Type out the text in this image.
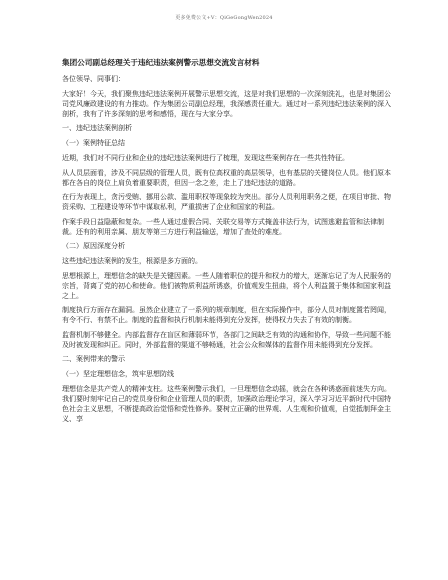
更多免费公文+V：QiGeGongWen2024

集团公司副总经理关于违纪违法案例警示思想交流发言材料

各位领导、同事们：

大家好！今天，我们聚焦违纪违法案例开展警示思想交流，这是对我们思想的一次深刻洗礼，也是对集团公司党风廉政建设的有力推动。作为集团公司副总经理，我深感责任重大。通过对一系列违纪违法案例的深入剖析，我有了许多深刻的思考和感悟，现在与大家分享。

一、违纪违法案例剖析

（一）案例特征总结

近期，我们对不同行业和企业的违纪违法案例进行了梳理，发现这些案例存在一些共性特征。

从人员层面看，涉及不同层级的管理人员，既有位高权重的高层领导，也有基层的关键岗位人员。他们原本都在各自的岗位上肩负着重要职责，但因一念之差，走上了违纪违法的道路。

在行为表现上，贪污受贿、挪用公款、滥用职权等现象较为突出。部分人员利用职务之便，在项目审批、物资采购、工程建设等环节中谋取私利，严重损害了企业和国家的利益。

作案手段日益隐蔽和复杂。一些人通过虚假合同、关联交易等方式掩盖非法行为，试图逃避监管和法律制裁。还有的利用亲属、朋友等第三方进行利益输送，增加了查处的难度。

（二）原因深度分析

这些违纪违法案例的发生，根源是多方面的。

思想根源上，理想信念的缺失是关键因素。一些人随着职位的提升和权力的增大，逐渐忘记了为人民服务的宗旨，背离了党的初心和使命。他们被物质利益所诱惑，价值观发生扭曲，将个人利益置于集体和国家利益之上。

制度执行方面存在漏洞。虽然企业建立了一系列的规章制度，但在实际操作中，部分人员对制度置若罔闻，有令不行、有禁不止。制度的监督和执行机制未能得到充分发挥，使得权力失去了有效的制衡。

监督机制不够健全。内部监督存在盲区和薄弱环节，各部门之间缺乏有效的沟通和协作，导致一些问题不能及时被发现和纠正。同时，外部监督的渠道不够畅通，社会公众和媒体的监督作用未能得到充分发挥。

二、案例带来的警示

（一）坚定理想信念，筑牢思想防线

理想信念是共产党人的精神支柱。这些案例警示我们，一旦理想信念动摇，就会在各种诱惑面前迷失方向。我们要时刻牢记自己的党员身份和企业管理人员的职责，加强政治理论学习，深入学习习近平新时代中国特色社会主义思想，不断提高政治觉悟和党性修养。要树立正确的世界观、人生观和价值观，自觉抵制拜金主义、享
